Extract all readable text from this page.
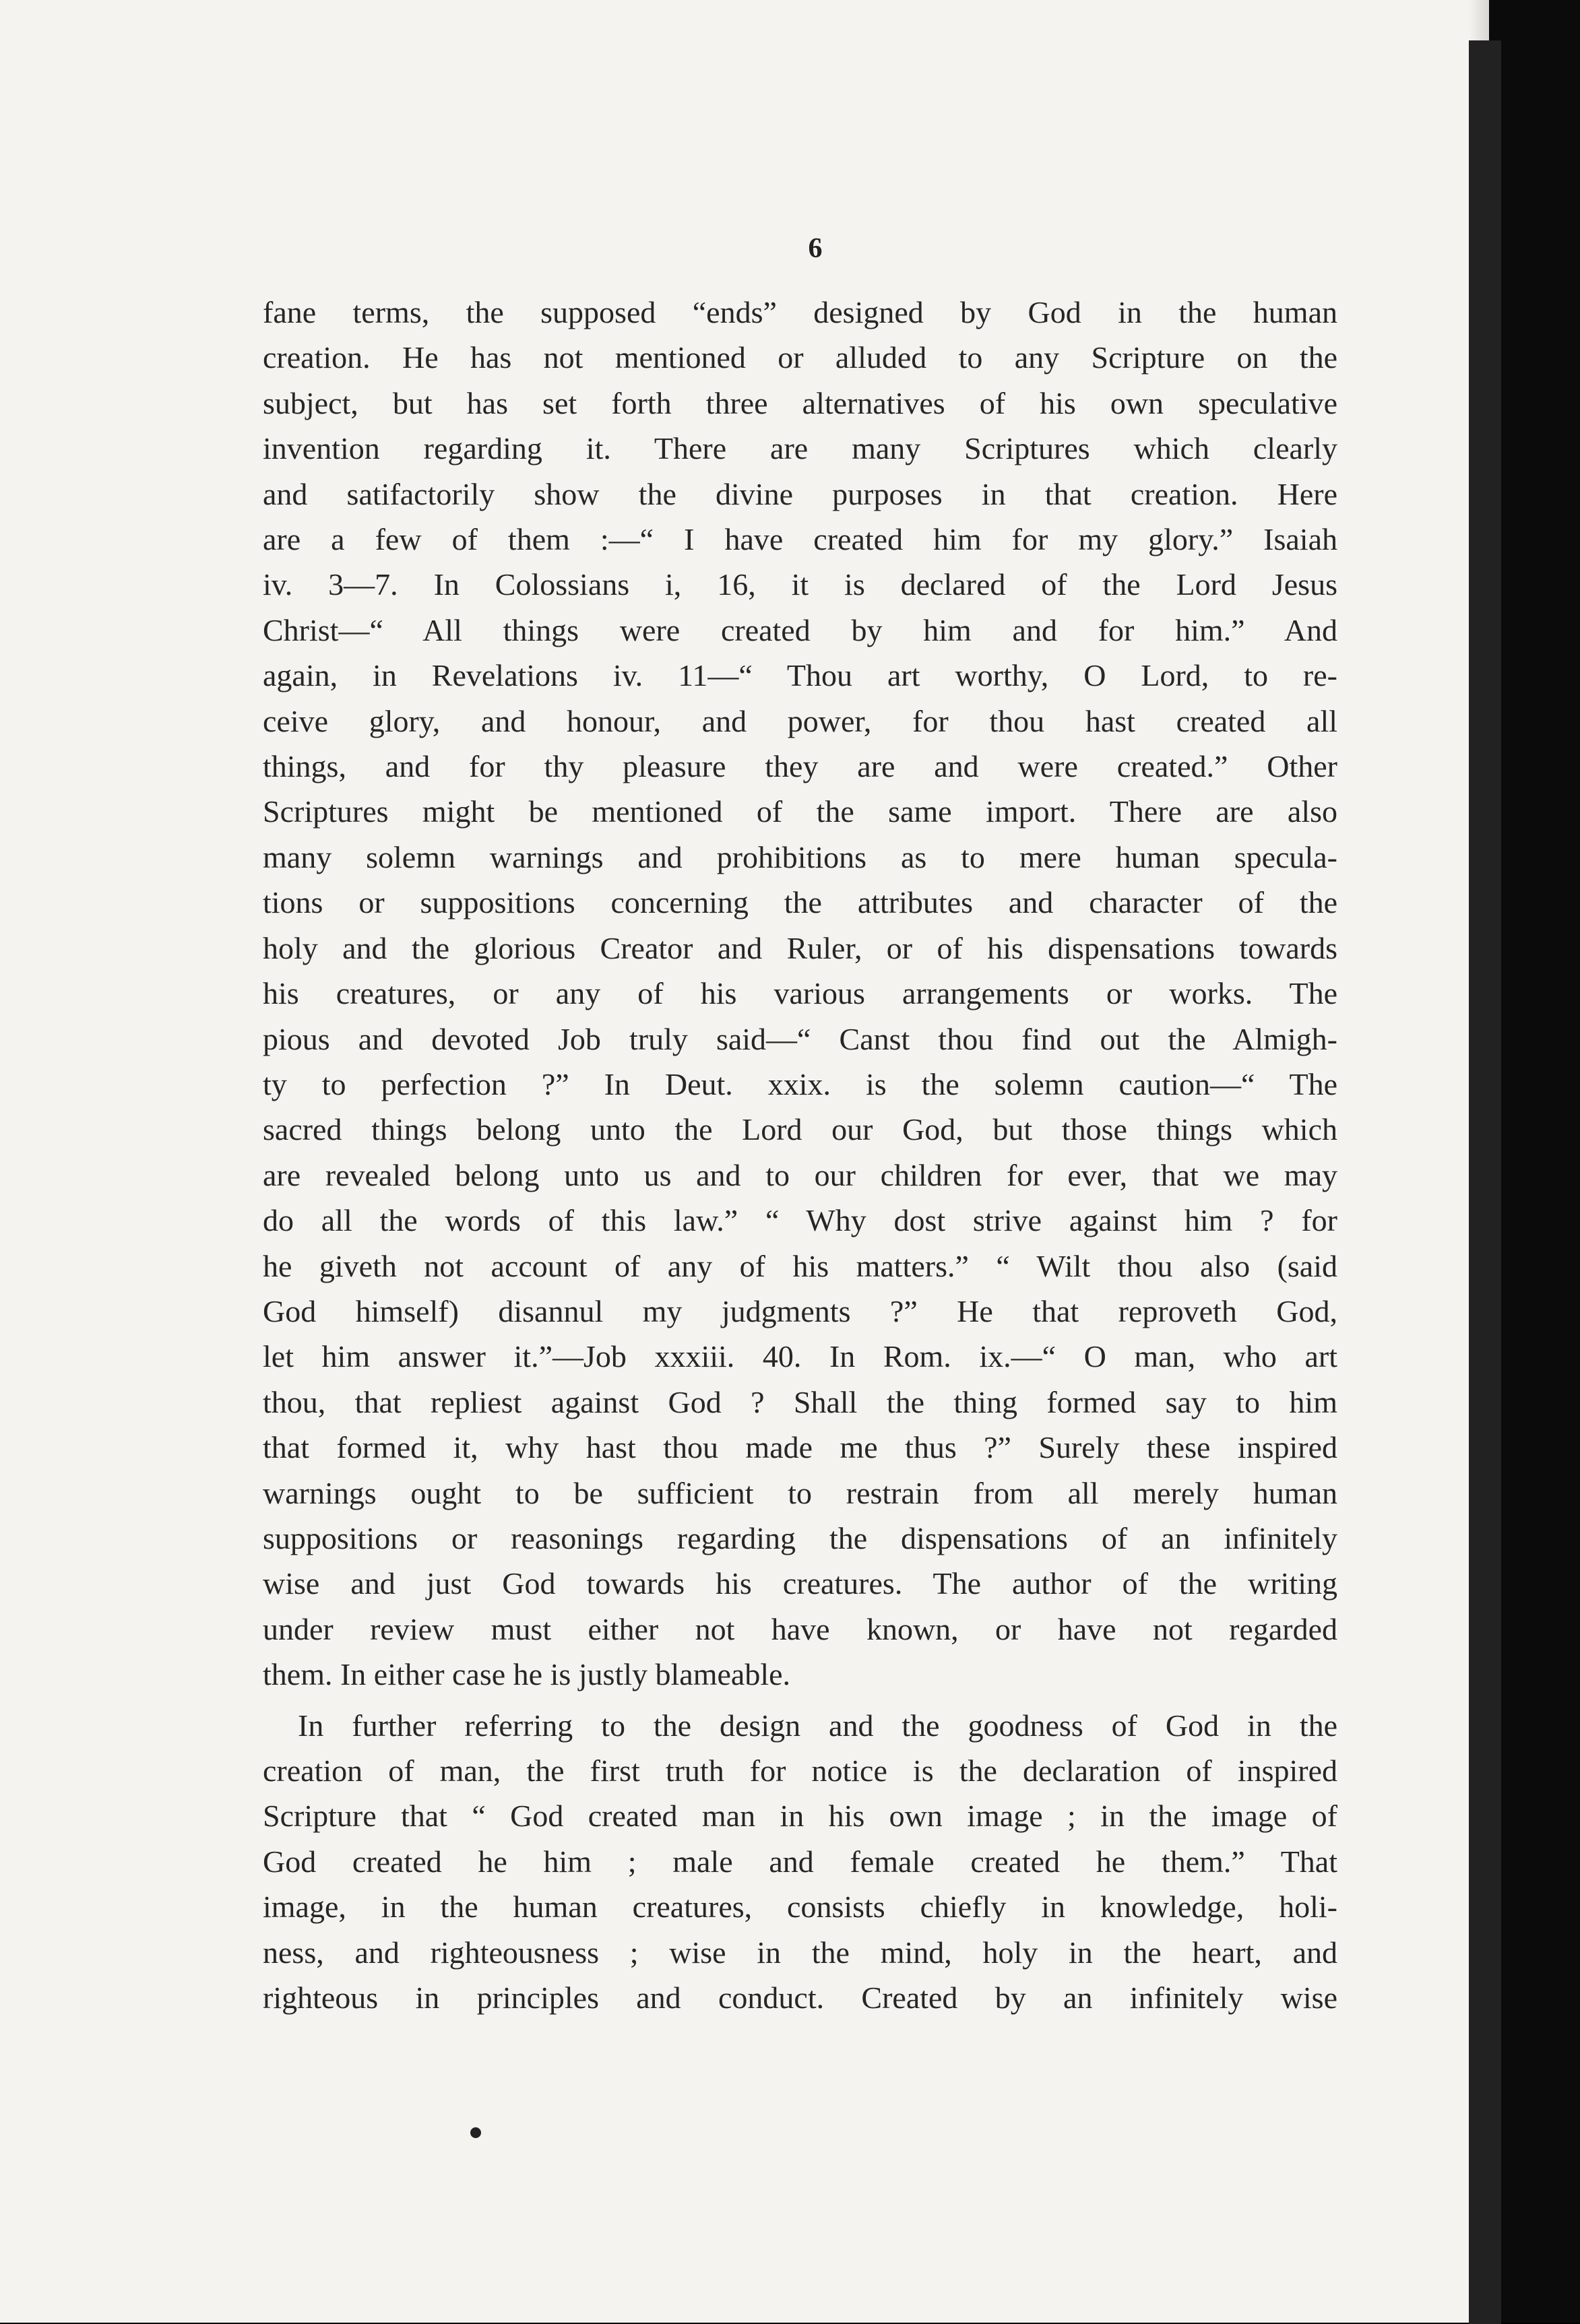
6
fane terms, the supposed “ends” designed by God in the human
creation. He has not mentioned or alluded to any Scripture on the
subject, but has set forth three alternatives of his own speculative
invention regarding it. There are many Scriptures which clearly
and satifactorily show the divine purposes in that creation. Here
are a few of them :—“ I have created him for my glory.” Isaiah
iv. 3—7. In Colossians i, 16, it is declared of the Lord Jesus
Christ—“ All things were created by him and for him.” And
again, in Revelations iv. 11—“ Thou art worthy, O Lord, to re-
ceive glory, and honour, and power, for thou hast created all
things, and for thy pleasure they are and were created.” Other
Scriptures might be mentioned of the same import. There are also
many solemn warnings and prohibitions as to mere human specula-
tions or suppositions concerning the attributes and character of the
holy and the glorious Creator and Ruler, or of his dispensations towards
his creatures, or any of his various arrangements or works. The
pious and devoted Job truly said—“ Canst thou find out the Almigh-
ty to perfection ?” In Deut. xxix. is the solemn caution—“ The
sacred things belong unto the Lord our God, but those things which
are revealed belong unto us and to our children for ever, that we may
do all the words of this law.” “ Why dost strive against him ? for
he giveth not account of any of his matters.” “ Wilt thou also (said
God himself) disannul my judgments ?” He that reproveth God,
let him answer it.”—Job xxxiii. 40. In Rom. ix.—“ O man, who art
thou, that repliest against God ? Shall the thing formed say to him
that formed it, why hast thou made me thus ?” Surely these inspired
warnings ought to be sufficient to restrain from all merely human
suppositions or reasonings regarding the dispensations of an infinitely
wise and just God towards his creatures. The author of the writing
under review must either not have known, or have not regarded
them. In either case he is justly blameable.
In further referring to the design and the goodness of God in the
creation of man, the first truth for notice is the declaration of inspired
Scripture that “ God created man in his own image ; in the image of
God created he him ; male and female created he them.” That
image, in the human creatures, consists chiefly in knowledge, holi-
ness, and righteousness ; wise in the mind, holy in the heart, and
righteous in principles and conduct. Created by an infinitely wise
